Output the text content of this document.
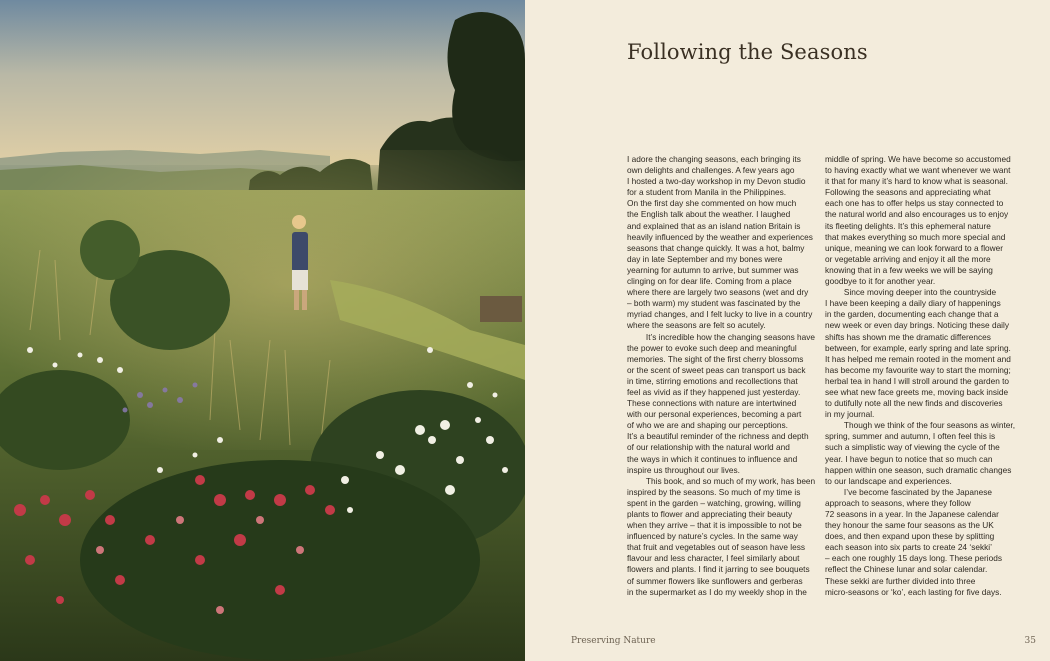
Following the Seasons

I adore the changing seasons, each bringing its
own delights and challenges. A few years ago
I hosted a two-day workshop in my Devon studio
for a student from Manila in the Philippines.
On the first day she commented on how much
the English talk about the weather. I laughed
and explained that as an island nation Britain is
heavily influenced by the weather and experiences
seasons that change quickly. It was a hot, balmy
day in late September and my bones were
yearning for autumn to arrive, but summer was
clinging on for dear life. Coming from a place
where there are largely two seasons (wet and dry
– both warm) my student was fascinated by the
myriad changes, and I felt lucky to live in a country
where the seasons are felt so acutely.

It’s incredible how the changing seasons have
the power to evoke such deep and meaningful
memories. The sight of the first cherry blossoms
or the scent of sweet peas can transport us back
in time, stirring emotions and recollections that
feel as vivid as if they happened just yesterday.
These connections with nature are intertwined
with our personal experiences, becoming a part
of who we are and shaping our perceptions.
It’s a beautiful reminder of the richness and depth
of our relationship with the natural world and
the ways in which it continues to influence and
inspire us throughout our lives.

This book, and so much of my work, has been
inspired by the seasons. So much of my time is
spent in the garden – watching, growing, willing
plants to flower and appreciating their beauty
when they arrive – that it is impossible to not be
influenced by nature’s cycles. In the same way
that fruit and vegetables out of season have less
flavour and less character, I feel similarly about
flowers and plants. I find it jarring to see bouquets
of summer flowers like sunflowers and gerberas
in the supermarket as I do my weekly shop in the

middle of spring. We have become so accustomed
to having exactly what we want whenever we want
it that for many it’s hard to know what is seasonal.
Following the seasons and appreciating what
each one has to offer helps us stay connected to
the natural world and also encourages us to enjoy
its fleeting delights. It’s this ephemeral nature
that makes everything so much more special and
unique, meaning we can look forward to a flower
or vegetable arriving and enjoy it all the more
knowing that in a few weeks we will be saying
goodbye to it for another year.

Since moving deeper into the countryside
I have been keeping a daily diary of happenings
in the garden, documenting each change that a
new week or even day brings. Noticing these daily
shifts has shown me the dramatic differences
between, for example, early spring and late spring.
It has helped me remain rooted in the moment and
has become my favourite way to start the morning;
herbal tea in hand I will stroll around the garden to
see what new face greets me, moving back inside
to dutifully note all the new finds and discoveries
in my journal.

Though we think of the four seasons as winter,
spring, summer and autumn, I often feel this is
such a simplistic way of viewing the cycle of the
year. I have begun to notice that so much can
happen within one season, such dramatic changes
to our landscape and experiences.

I’ve become fascinated by the Japanese
approach to seasons, where they follow
72 seasons in a year. In the Japanese calendar
they honour the same four seasons as the UK
does, and then expand upon these by splitting
each season into six parts to create 24 ‘sekki’
– each one roughly 15 days long. These periods
reflect the Chinese lunar and solar calendar.
These sekki are further divided into three
micro-seasons or ‘ko’, each lasting for five days.

Preserving Nature	35
